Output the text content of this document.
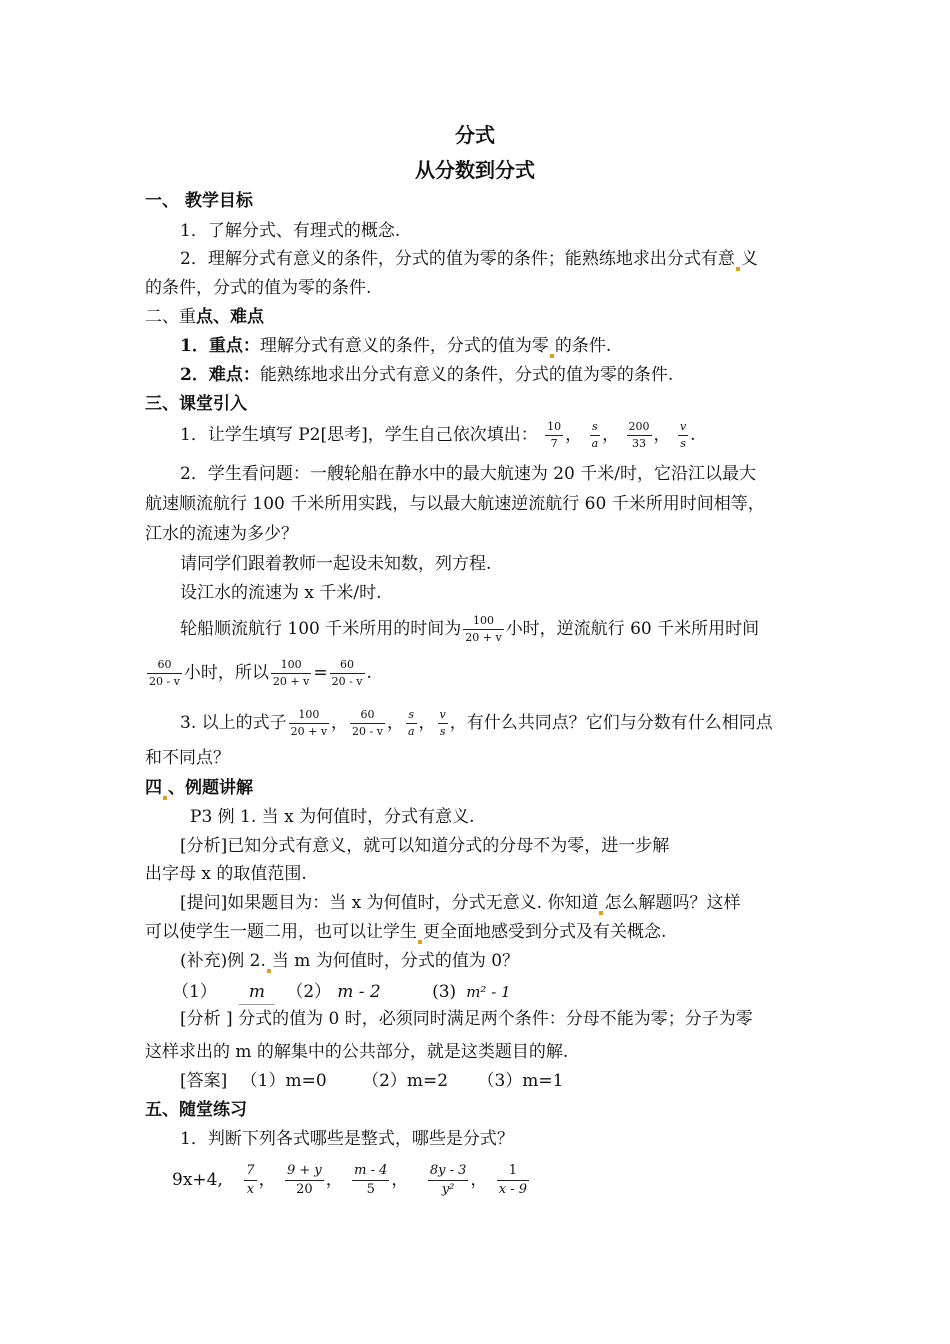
分式
从分数到分式
一、 教学目标
1．了解分式、有理式的概念.
2．理解分式有意义的条件，分式的值为零的条件；能熟练地求出分式有意 义
的条件，分式的值为零的条件.
二、重点、难点
1．重点：理解分式有意义的条件，分式的值为零 的条件.
2．难点：能熟练地求出分式有意义的条件，分式的值为零的条件.
三、课堂引入
1．让学生填写 P2[思考]，学生自己依次填出： $\frac{10}{7}$ ， $\frac{s}{a}$ ， $\frac{200}{33}$ ， $\frac{v}{s}$ .
2．学生看问题：一艘轮船在静水中的最大航速为 20 千米/时，它沿江以最大
航速顺流航行 100 千米所用实践，与以最大航速逆流航行 60 千米所用时间相等，
江水的流速为多少？
请同学们跟着教师一起设未知数，列方程.
设江水的流速为 x 千米/时.
轮船顺流航行 100 千米所用的时间为 $\frac{100}{20 + v}$ 小时，逆流航行 60 千米所用时间
$\frac{60}{20 - v}$ 小时，所以 $\frac{100}{20 + v} = \frac{60}{20 - v}$ .
3. 以上的式子 $\frac{100}{20 + v}$ ， $\frac{60}{20 - v}$ ， $\frac{s}{a}$ ， $\frac{v}{s}$ ，有什么共同点？它们与分数有什么相同点
和不同点？
四 、例题讲解
P3 例 1. 当 x 为何值时，分式有意义.
[分析]已知分式有意义，就可以知道分式的分母不为零，进一步解
出字母 x 的取值范围.
[提问]如果题目为：当 x 为何值时，分式无意义. 你知道 怎么解题吗？这样
可以使学生一题二用，也可以让学生 更全面地感受到分式及有关概念.
(补充)例 2. 当 m 为何值时，分式的值为 0？
（1） m （2） m - 2	(3) m² - 1
[分析 ] 分式的值为 0 时，必须同时满足两个条件：分母不能为零；分子为零
这样求出的 m 的解集中的公共部分，就是这类题目的解.
[答案] （1）m=0 （2）m=2 （3）m=1
五、随堂练习
1．判断下列各式哪些是整式，哪些是分式？
9x+4, $\frac{7}{x}$ ， $\frac{9 + y}{20}$ ， $\frac{m - 4}{5}$ ， $\frac{8y - 3}{\text{y²}}$ ， $\frac{1}{x - 9}$
